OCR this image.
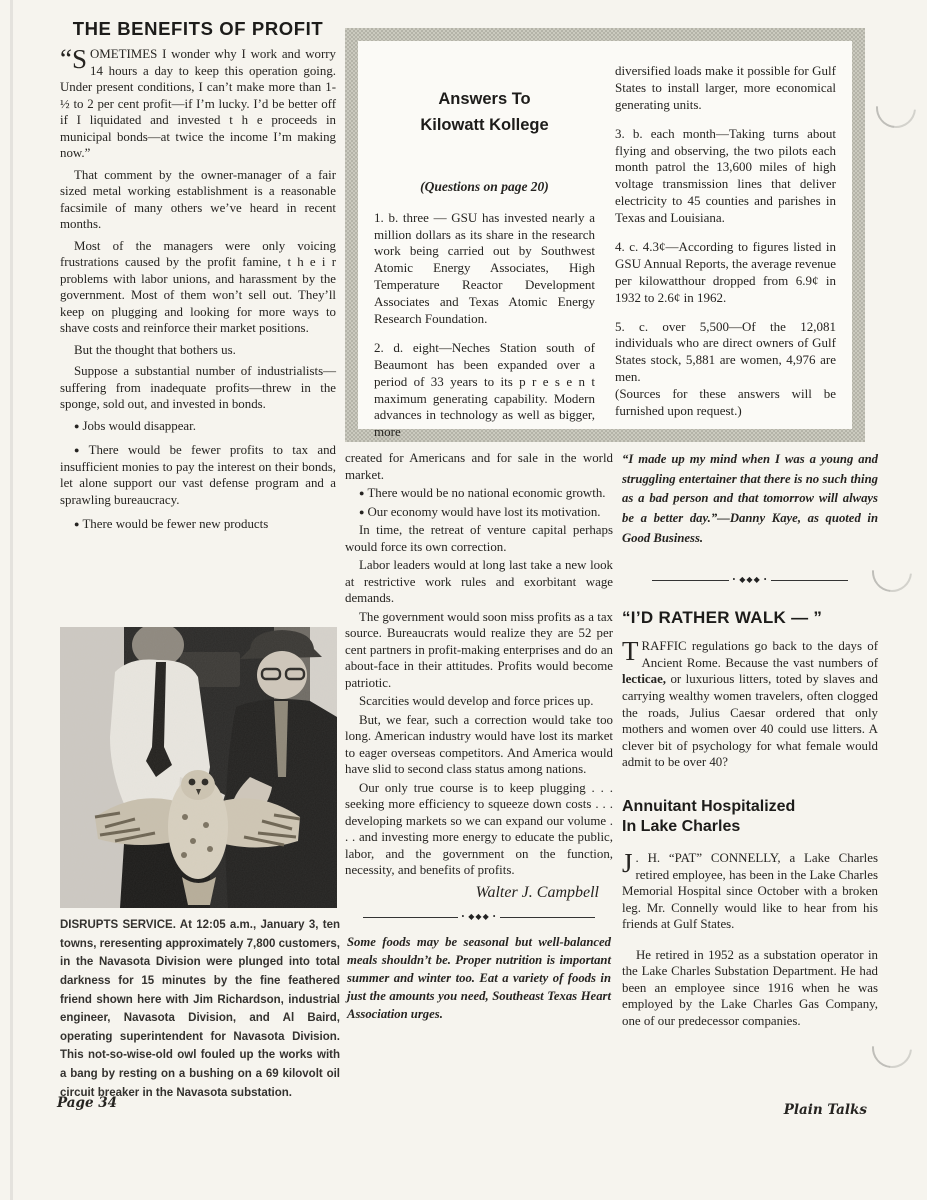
THE BENEFITS OF PROFIT

“SOMETIMES I wonder why I work and worry 14 hours a day to keep this operation going. Under present conditions, I can’t make more than 1-½ to 2 per cent profit—if I’m lucky. I’d be better off if I liquidated and invested t h e proceeds in municipal bonds—at twice the income I’m making now.”

That comment by the owner-manager of a fair sized metal working establishment is a reasonable facsimile of many others we’ve heard in recent months.

Most of the managers were only voicing frustrations caused by the profit famine, t h e i r problems with labor unions, and harassment by the government. Most of them won’t sell out. They’ll keep on plugging and looking for more ways to shave costs and reinforce their market positions.

But the thought that bothers us.

Suppose a substantial number of industrialists—suffering from inadequate profits—threw in the sponge, sold out, and invested in bonds.

● Jobs would disappear.

● There would be fewer profits to tax and insufficient monies to pay the interest on their bonds, let alone support our vast defense program and a sprawling bureaucracy.

● There would be fewer new products

Answers To
Kilowatt Kollege
(Questions on page 20)

1. b. three — GSU has invested nearly a million dollars as its share in the research work being carried out by Southwest Atomic Energy Associates, High Temperature Reactor Development Associates and Texas Atomic Energy Research Foundation.

2. d. eight—Neches Station south of Beaumont has been expanded over a period of 33 years to its p r e s e n t maximum generating capability. Modern advances in technology as well as bigger, more

diversified loads make it possible for Gulf States to install larger, more economical generating units.

3. b. each month—Taking turns about flying and observing, the two pilots each month patrol the 13,600 miles of high voltage transmission lines that deliver electricity to 45 counties and parishes in Texas and Louisiana.

4. c. 4.3¢—According to figures listed in GSU Annual Reports, the average revenue per kilowatthour dropped from 6.9¢ in 1932 to 2.6¢ in 1962.

5. c. over 5,500—Of the 12,081 individuals who are direct owners of Gulf States stock, 5,881 are women, 4,976 are men.

(Sources for these answers will be furnished upon request.)

created for Americans and for sale in the world market.

● There would be no national economic growth.

● Our economy would have lost its motivation.

In time, the retreat of venture capital perhaps would force its own correction.

Labor leaders would at long last take a new look at restrictive work rules and exorbitant wage demands.

The government would soon miss profits as a tax source. Bureaucrats would realize they are 52 per cent partners in profit-making enterprises and do an about-face in their attitudes. Profits would become patriotic.

Scarcities would develop and force prices up.

But, we fear, such a correction would take too long. American industry would have lost its market to eager overseas competitors. And America would have slid to second class status among nations.

Our only true course is to keep plugging . . . seeking more efficiency to squeeze down costs . . . developing markets so we can expand our volume . . . and investing more energy to educate the public, labor, and the government on the function, necessity, and benefits of profits.

Walter J. Campbell
• ◆◆◆ •
Some foods may be seasonal but well-balanced meals shouldn’t be. Proper nutrition is important summer and winter too. Eat a variety of foods in just the amounts you need, Southeast Texas Heart Association urges.
“I made up my mind when I was a young and struggling entertainer that there is no such thing as a bad person and that tomorrow will always be a better day.”—Danny Kaye, as quoted in Good Business.
• ◆◆◆ •
“I’D RATHER WALK — ”

TRAFFIC regulations go back to the days of Ancient Rome. Because the vast numbers of lecticae, or luxurious litters, toted by slaves and carrying wealthy women travelers, often clogged the roads, Julius Caesar ordered that only mothers and women over 40 could use litters. A clever bit of psychology for what female would admit to be over 40?

Annuitant Hospitalized
In Lake Charles

J . H. “PAT” CONNELLY, a Lake Charles retired employee, has been in the Lake Charles Memorial Hospital since October with a broken leg. Mr. Connelly would like to hear from his friends at Gulf States.

He retired in 1952 as a substation operator in the Lake Charles Substation Department. He had been an employee since 1916 when he was employed by the Lake Charles Gas Company, one of our predecessor companies.

DISRUPTS SERVICE. At 12:05 a.m., January 3, ten towns, reresenting approximately 7,800 customers, in the Navasota Division were plunged into total darkness for 15 minutes by the fine feathered friend shown here with Jim Richardson, industrial engineer, Navasota Division, and Al Baird, operating superintendent for Navasota Division. This not-so-wise-old owl fouled up the works with a bang by resting on a bushing on a 69 kilovolt oil circuit breaker in the Navasota substation.
Page 34	Plain Talks
